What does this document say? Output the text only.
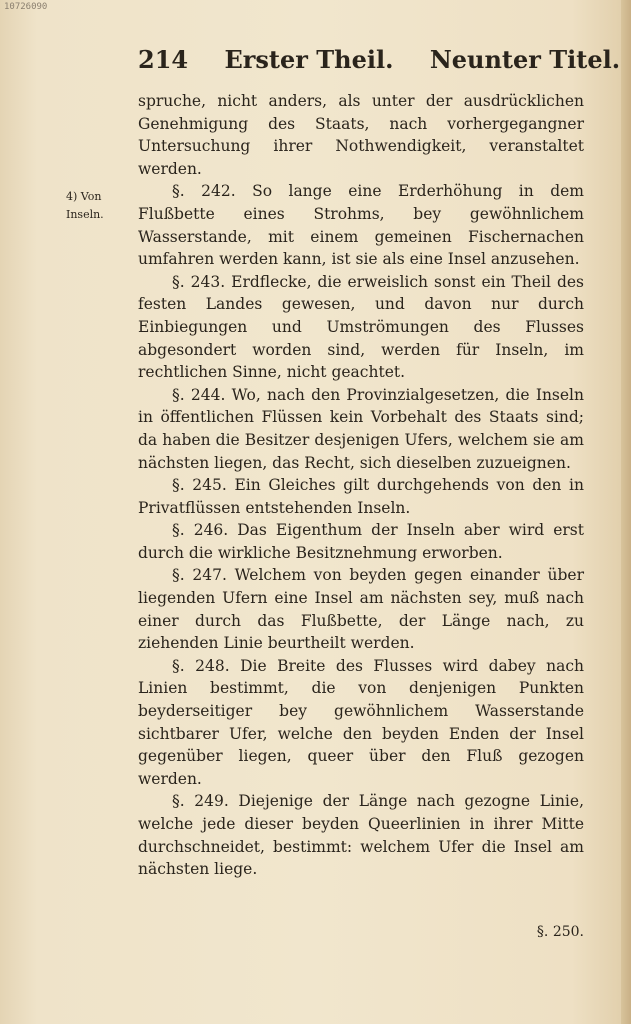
10726090
214 Erster Theil. Neunter Titel.
4) Von
Inseln.

spruche, nicht anders, als unter der ausdrücklichen Genehmigung des Staats, nach vorhergegangner Untersuchung ihrer Nothwendigkeit, veranstaltet werden.

§. 242. So lange eine Erderhöhung in dem Flußbette eines Strohms, bey gewöhnlichem Wasserstande, mit einem gemeinen Fischernachen umfahren werden kann, ist sie als eine Insel anzusehen.

§. 243. Erdflecke, die erweislich sonst ein Theil des festen Landes gewesen, und davon nur durch Einbiegungen und Umströmungen des Flusses abgesondert worden sind, werden für Inseln, im rechtlichen Sinne, nicht geachtet.

§. 244. Wo, nach den Provinzialgesetzen, die Inseln in öffentlichen Flüssen kein Vorbehalt des Staats sind; da haben die Besitzer desjenigen Ufers, welchem sie am nächsten liegen, das Recht, sich dieselben zuzueignen.

§. 245. Ein Gleiches gilt durchgehends von den in Privatflüssen entstehenden Inseln.

§. 246. Das Eigenthum der Inseln aber wird erst durch die wirkliche Besitznehmung erworben.

§. 247. Welchem von beyden gegen einander über liegenden Ufern eine Insel am nächsten sey, muß nach einer durch das Flußbette, der Länge nach, zu ziehenden Linie beurtheilt werden.

§. 248. Die Breite des Flusses wird dabey nach Linien bestimmt, die von denjenigen Punkten beyderseitiger bey gewöhnlichem Wasserstande sichtbarer Ufer, welche den beyden Enden der Insel gegenüber liegen, queer über den Fluß gezogen werden.

§. 249. Diejenige der Länge nach gezogne Linie, welche jede dieser beyden Queerlinien in ihrer Mitte durchschneidet, bestimmt: welchem Ufer die Insel am nächsten liege.

§. 250.
